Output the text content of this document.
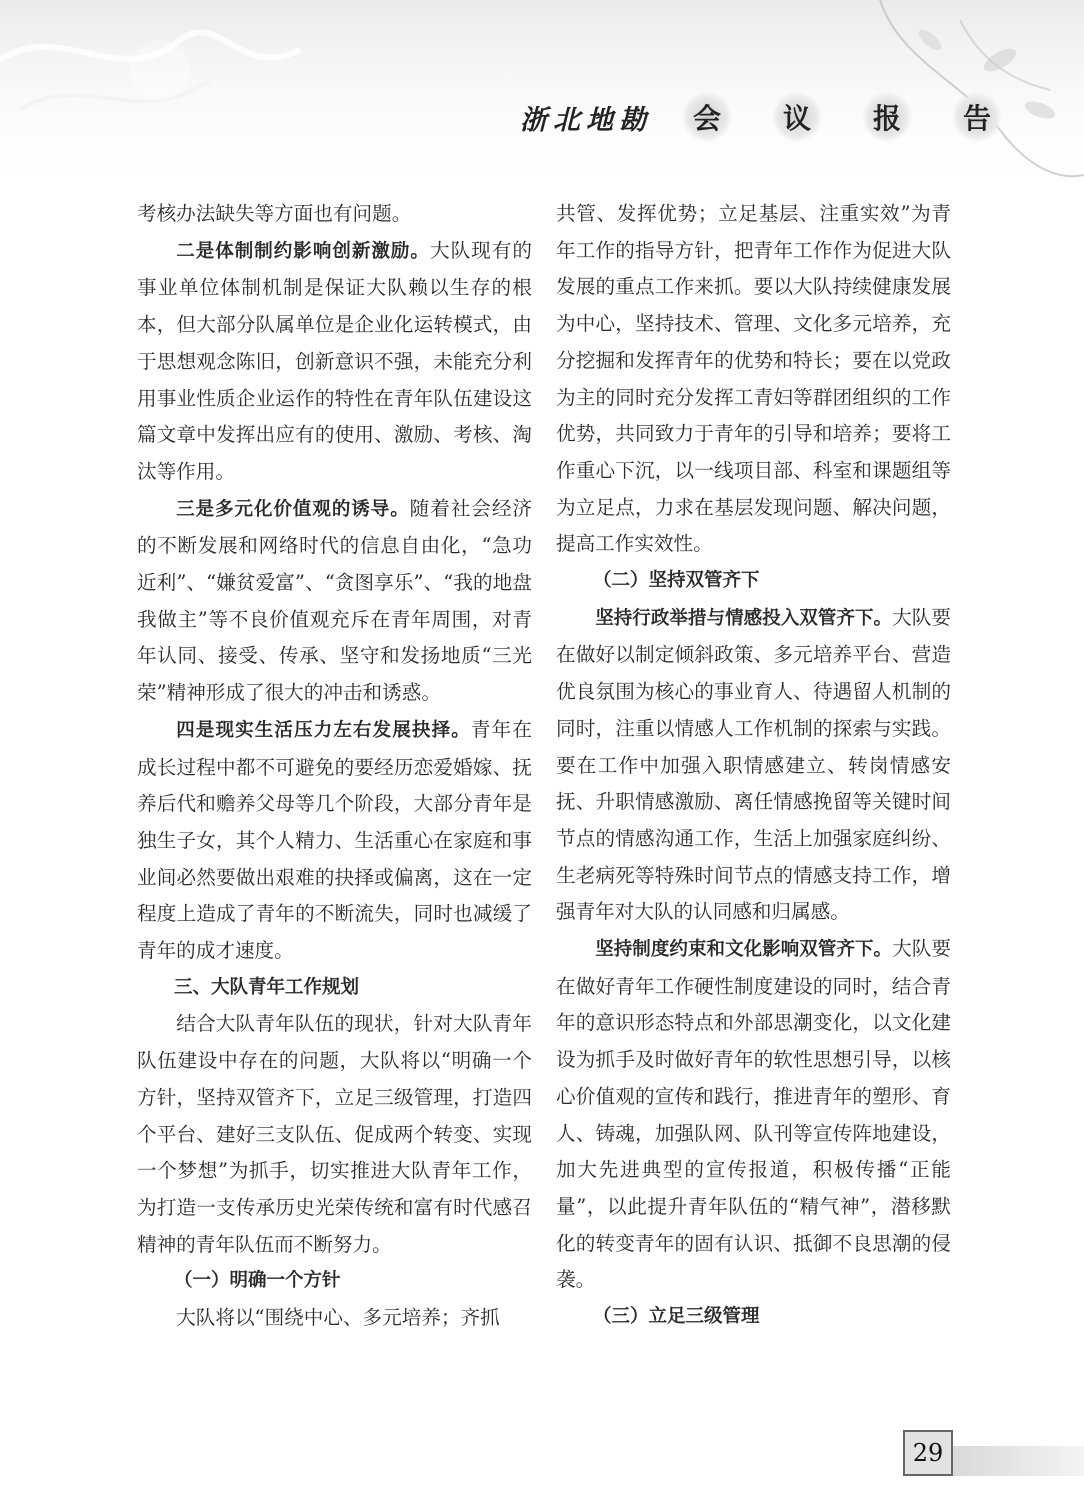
浙北地勘	会	议	报	告

考核办法缺失等方面也有问题。

二是体制制约影响创新激励。大队现有的事业单位体制机制是保证大队赖以生存的根本，但大部分队属单位是企业化运转模式，由于思想观念陈旧，创新意识不强，未能充分利用事业性质企业运作的特性在青年队伍建设这篇文章中发挥出应有的使用、激励、考核、淘汰等作用。

三是多元化价值观的诱导。随着社会经济的不断发展和网络时代的信息自由化，“急功近利”、“嫌贫爱富”、“贪图享乐”、“我的地盘我做主”等不良价值观充斥在青年周围，对青年认同、接受、传承、坚守和发扬地质“三光荣”精神形成了很大的冲击和诱惑。

四是现实生活压力左右发展抉择。青年在成长过程中都不可避免的要经历恋爱婚嫁、抚养后代和赡养父母等几个阶段，大部分青年是独生子女，其个人精力、生活重心在家庭和事业间必然要做出艰难的抉择或偏离，这在一定程度上造成了青年的不断流失，同时也减缓了青年的成才速度。

三、大队青年工作规划

结合大队青年队伍的现状，针对大队青年队伍建设中存在的问题，大队将以“明确一个方针，坚持双管齐下，立足三级管理，打造四个平台、建好三支队伍、促成两个转变、实现一个梦想”为抓手，切实推进大队青年工作，为打造一支传承历史光荣传统和富有时代感召精神的青年队伍而不断努力。

（一）明确一个方针

大队将以“围绕中心、多元培养；齐抓

共管、发挥优势；立足基层、注重实效”为青年工作的指导方针，把青年工作作为促进大队发展的重点工作来抓。要以大队持续健康发展为中心，坚持技术、管理、文化多元培养，充分挖掘和发挥青年的优势和特长；要在以党政为主的同时充分发挥工青妇等群团组织的工作优势，共同致力于青年的引导和培养；要将工作重心下沉，以一线项目部、科室和课题组等为立足点，力求在基层发现问题、解决问题，提高工作实效性。

（二）坚持双管齐下

坚持行政举措与情感投入双管齐下。大队要在做好以制定倾斜政策、多元培养平台、营造优良氛围为核心的事业育人、待遇留人机制的同时，注重以情感人工作机制的探索与实践。要在工作中加强入职情感建立、转岗情感安抚、升职情感激励、离任情感挽留等关键时间节点的情感沟通工作，生活上加强家庭纠纷、生老病死等特殊时间节点的情感支持工作，增强青年对大队的认同感和归属感。

坚持制度约束和文化影响双管齐下。大队要在做好青年工作硬性制度建设的同时，结合青年的意识形态特点和外部思潮变化，以文化建设为抓手及时做好青年的软性思想引导，以核心价值观的宣传和践行，推进青年的塑形、育人、铸魂，加强队网、队刊等宣传阵地建设，加大先进典型的宣传报道，积极传播“正能量”，以此提升青年队伍的“精气神”，潜移默化的转变青年的固有认识、抵御不良思潮的侵袭。

（三）立足三级管理

29
